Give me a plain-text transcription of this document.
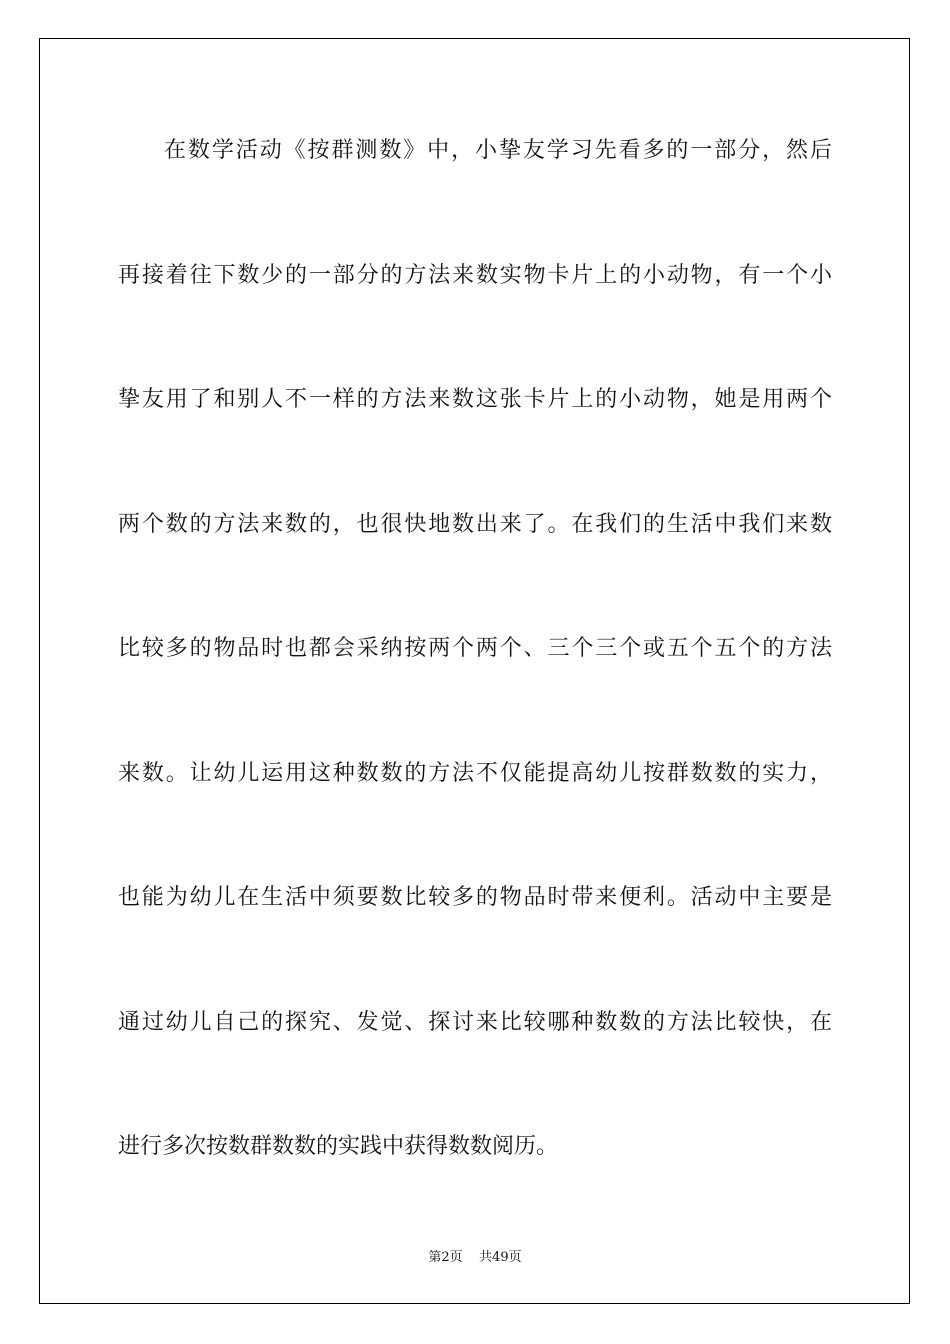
在数学活动《按群测数》中，小挚友学习先看多的一部分，然后
再接着往下数少的一部分的方法来数实物卡片上的小动物，有一个小
挚友用了和别人不一样的方法来数这张卡片上的小动物，她是用两个
两个数的方法来数的，也很快地数出来了。在我们的生活中我们来数
比较多的物品时也都会采纳按两个两个、三个三个或五个五个的方法
来数。让幼儿运用这种数数的方法不仅能提高幼儿按群数数的实力，
也能为幼儿在生活中须要数比较多的物品时带来便利。活动中主要是
通过幼儿自己的探究、发觉、探讨来比较哪种数数的方法比较快，在
进行多次按数群数数的实践中获得数数阅历。
第2页    共49页
